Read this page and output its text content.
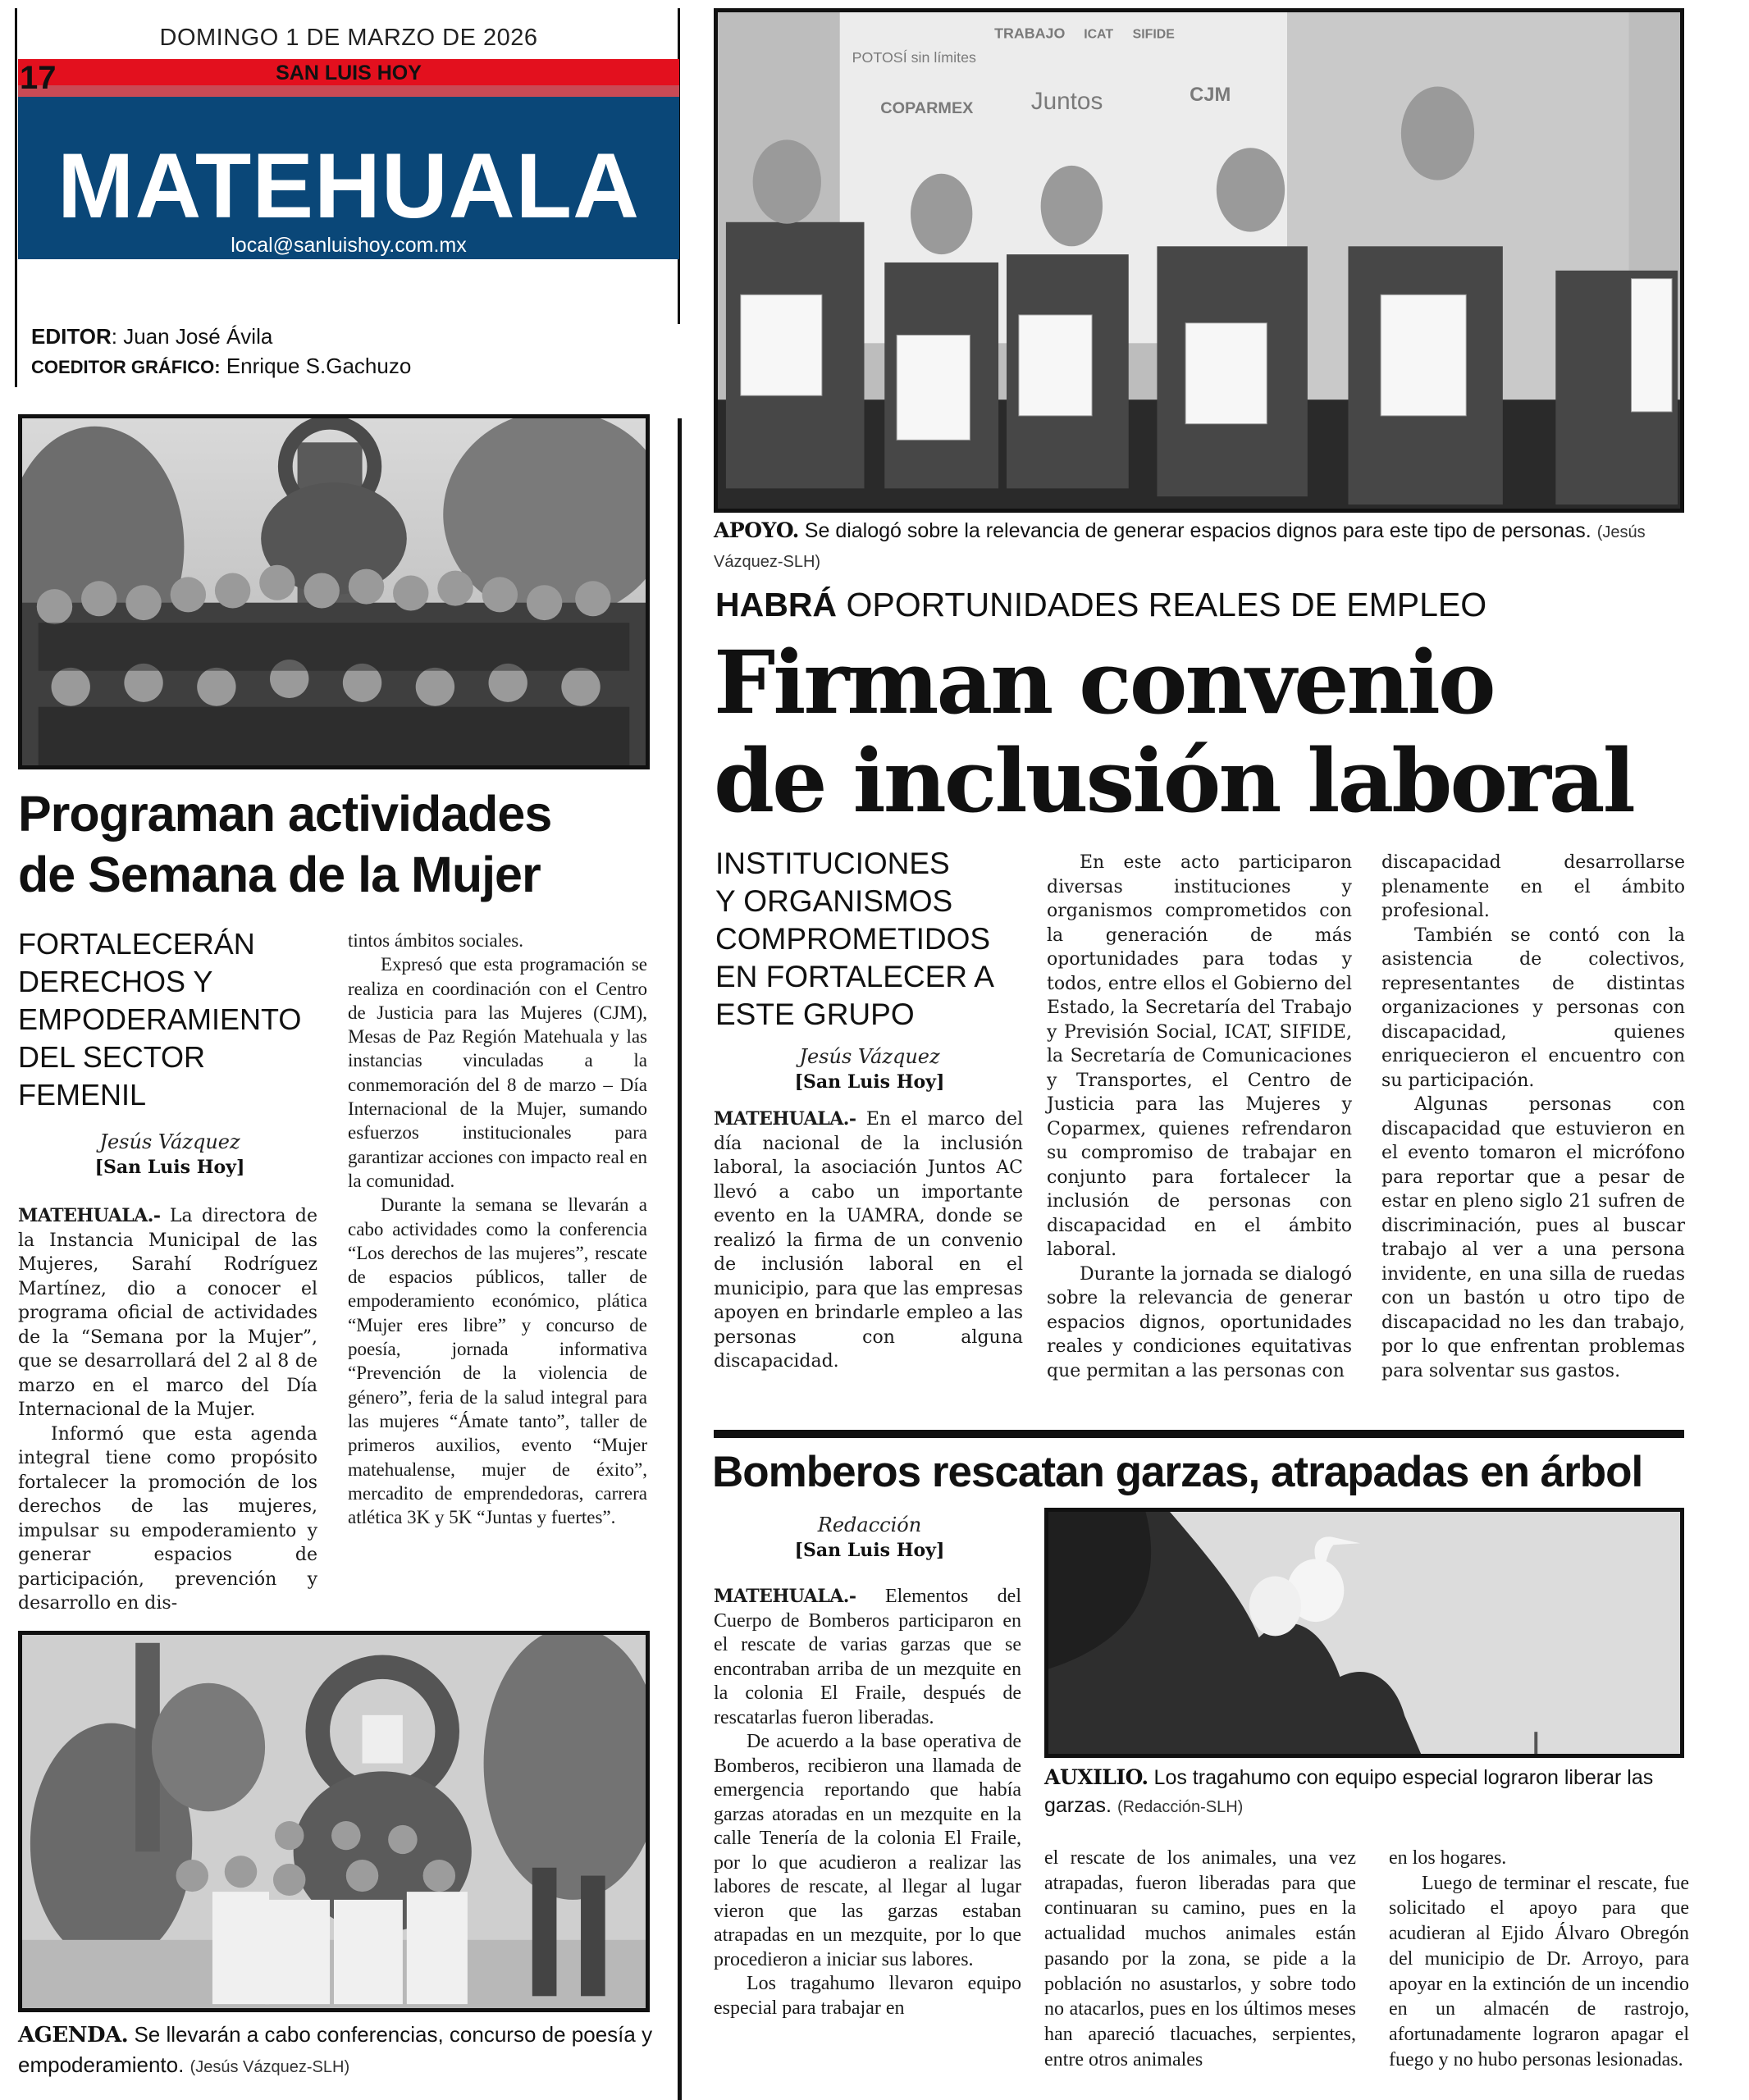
DOMINGO 1 DE MARZO DE 2026
17	SAN LUIS HOY
MATEHUALA
local@sanluishoy.com.mx
EDITOR: Juan José Ávila
COEDITOR GRÁFICO: Enrique S.Gachuzo
Programan actividades
de Semana de la Mujer
FORTALECERÁN
DERECHOS Y
EMPODERAMIENTO
DEL SECTOR
FEMENIL
Jesús Vázquez
[San Luis Hoy]

MATEHUALA.- La directora de la Instancia Municipal de las Mujeres, Sarahí Rodríguez Martínez, dio a conocer el programa oficial de actividades de la “Semana por la Mujer”, que se desarrollará del 2 al 8 de marzo en el marco del Día Internacional de la Mujer.

Informó que esta agenda integral tiene como propósito fortalecer la promoción de los derechos de las mujeres, impulsar su empoderamiento y generar espacios de participación, prevención y desarrollo en dis-

tintos ámbitos sociales.

Expresó que esta programación se realiza en coordinación con el Centro de Justicia para las Mujeres (CJM), Mesas de Paz Región Matehuala y las instancias vinculadas a la conmemoración del 8 de marzo – Día Internacional de la Mujer, sumando esfuerzos institucionales para garantizar acciones con impacto real en la comunidad.

Durante la semana se llevarán a cabo actividades como la conferencia “Los derechos de las mujeres”, rescate de espacios públicos, taller de empoderamiento económico, plática “Mujer eres libre” y concurso de poesía, jornada informativa “Prevención de la violencia de género”, feria de la salud integral para las mujeres “Ámate tanto”, taller de primeros auxilios, evento “Mujer matehualense, mujer de éxito”, mercadito de emprendedoras, carrera atlética 3K y 5K “Juntas y fuertes”.

AGENDA. Se llevarán a cabo conferencias, concurso de poesía y empoderamiento. (Jesús Vázquez-SLH)
POTOSÍ sin límites
TRABAJO ICAT SIFIDE
COPARMEX Juntos	CJM
APOYO. Se dialogó sobre la relevancia de generar espacios dignos para este tipo de personas. (Jesús Vázquez-SLH)
HABRÁ OPORTUNIDADES REALES DE EMPLEO
Firman convenio
de inclusión laboral
INSTITUCIONES
Y ORGANISMOS
COMPROMETIDOS
EN FORTALECER A
ESTE GRUPO
Jesús Vázquez
[San Luis Hoy]

MATEHUALA.- En el marco del día nacional de la inclusión laboral, la asociación Juntos AC llevó a cabo un importante evento en la UAMRA, donde se realizó la firma de un convenio de inclusión laboral en el municipio, para que las empresas apoyen en brindarle empleo a las personas con alguna discapacidad.

En este acto participaron diversas instituciones y organismos comprometidos con la generación de más oportunidades para todas y todos, entre ellos el Gobierno del Estado, la Secretaría del Trabajo y Previsión Social, ICAT, SIFIDE, la Secretaría de Comunicaciones y Transportes, el Centro de Justicia para las Mujeres y Coparmex, quienes refrendaron su compromiso de trabajar en conjunto para fortalecer la inclusión de personas con discapacidad en el ámbito laboral.

Durante la jornada se dialogó sobre la relevancia de generar espacios dignos, oportunidades reales y condiciones equitativas que permitan a las personas con

discapacidad desarrollarse plenamente en el ámbito profesional.

También se contó con la asistencia de colectivos, representantes de distintas organizaciones y personas con discapacidad, quienes enriquecieron el encuentro con su participación.

Algunas personas con discapacidad que estuvieron en el evento tomaron el micrófono para reportar que a pesar de estar en pleno siglo 21 sufren de discriminación, pues al buscar trabajo al ver a una persona invidente, en una silla de ruedas con un bastón u otro tipo de discapacidad no les dan trabajo, por lo que enfrentan problemas para solventar sus gastos.

Bomberos rescatan garzas, atrapadas en árbol
Redacción
[San Luis Hoy]

MATEHUALA.- Elementos del Cuerpo de Bomberos participaron en el rescate de varias garzas que se encontraban arriba de un mezquite en la colonia El Fraile, después de rescatarlas fueron liberadas.

De acuerdo a la base operativa de Bomberos, recibieron una llamada de emergencia reportando que había garzas atoradas en un mezquite en la calle Tenería de la colonia El Fraile, por lo que acudieron a realizar las labores de rescate, al llegar al lugar vieron que las garzas estaban atrapadas en un mezquite, por lo que procedieron a iniciar sus labores.

Los tragahumo llevaron equipo especial para trabajar en

AUXILIO. Los tragahumo con equipo especial lograron liberar las garzas. (Redacción-SLH)

el rescate de los animales, una vez atrapadas, fueron liberadas para que continuaran su camino, pues en la actualidad muchos animales están pasando por la zona, se pide a la población no asustarlos, y sobre todo no atacarlos, pues en los últimos meses han apareció tlacuaches, serpientes, entre otros animales

en los hogares.

Luego de terminar el rescate, fue solicitado el apoyo para que acudieran al Ejido Álvaro Obregón del municipio de Dr. Arroyo, para apoyar en la extinción de un incendio en un almacén de rastrojo, afortunadamente lograron apagar el fuego y no hubo personas lesionadas.
